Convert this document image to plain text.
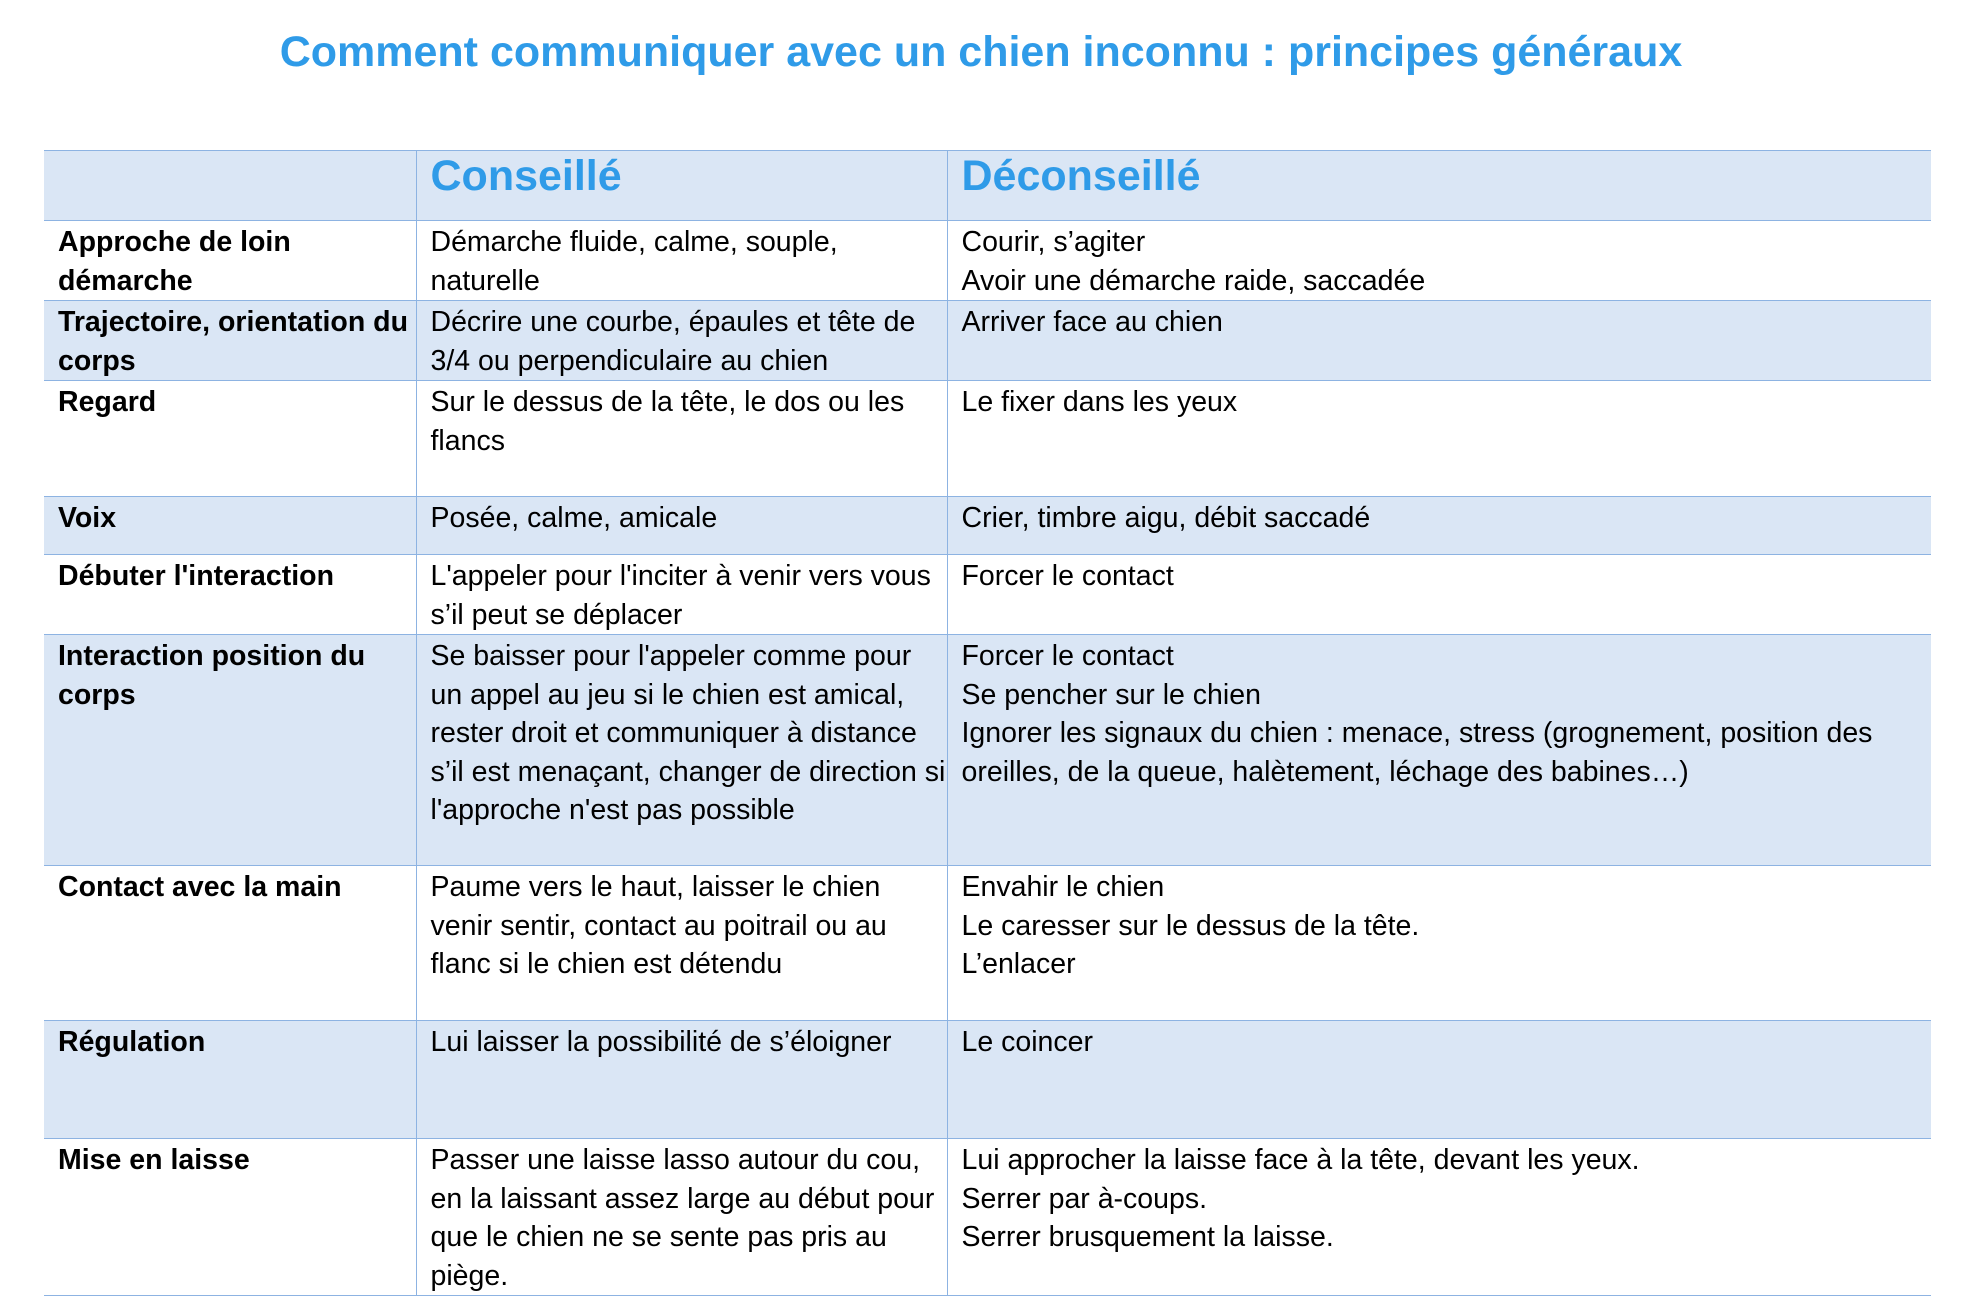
Comment communiquer avec un chien inconnu : principes généraux
	Conseillé	Déconseillé
Approche de loin démarche	Démarche fluide, calme, souple, naturelle	Courir, s’agiter
Avoir une démarche raide, saccadée

Trajectoire, orientation du corps	Décrire une courbe, épaules et tête de 3/4 ou perpendiculaire au chien	Arriver face au chien

Regard	Sur le dessus de la tête, le dos ou les flancs	Le fixer dans les yeux

Voix	Posée, calme, amicale	Crier, timbre aigu, débit saccadé

Débuter l'interaction	L'appeler pour l'inciter à venir vers vous s’il peut se déplacer	Forcer le contact

Interaction position du corps	Se baisser pour l'appeler comme pour un appel au jeu si le chien est amical, rester droit et communiquer à distance s’il est menaçant, changer de direction si l'approche n'est pas possible	Forcer le contact
Se pencher sur le chien
Ignorer les signaux du chien : menace, stress (grognement, position des oreilles, de la queue, halètement, léchage des babines…)

Contact avec la main	Paume vers le haut, laisser le chien venir sentir, contact au poitrail ou au flanc si le chien est détendu	Envahir le chien
Le caresser sur le dessus de la tête.
L’enlacer

Régulation	Lui laisser la possibilité de s’éloigner	Le coincer

Mise en laisse	Passer une laisse lasso autour du cou, en la laissant assez large au début pour que le chien ne se sente pas pris au piège.	Lui approcher la laisse face à la tête, devant les yeux.
Serrer par à-coups.
Serrer brusquement la laisse.
